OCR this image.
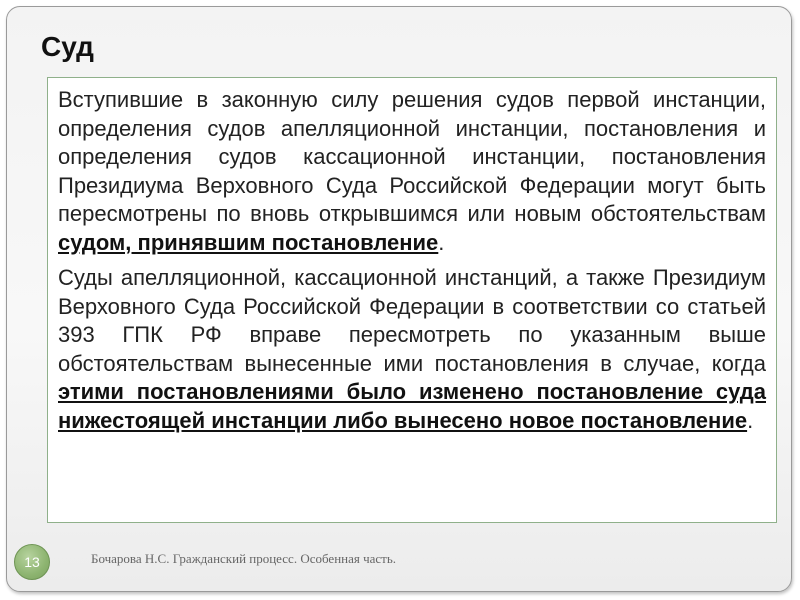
Суд

Вступившие в законную силу решения судов первой инстанции, определения судов апелляционной инстанции, постановления и определения судов кассационной инстанции, постановления Президиума Верховного Суда Российской Федерации могут быть пересмотрены по вновь открывшимся или новым обстоятельствам судом, принявшим постановление.

Суды апелляционной, кассационной инстанций, а также Президиум Верховного Суда Российской Федерации в соответствии со статьей 393 ГПК РФ вправе пересмотреть по указанным выше обстоятельствам вынесенные ими постановления в случае, когда этими постановлениями было изменено постановление суда нижестоящей инстанции либо вынесено новое постановление.

Бочарова Н.С. Гражданский процесс. Особенная часть.
13
